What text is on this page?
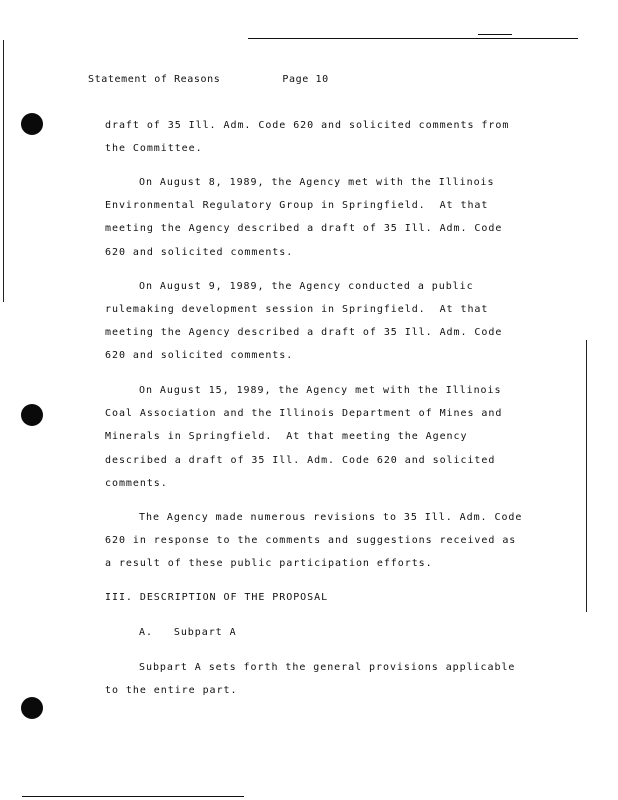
Statement of Reasons	Page 10
draft of 35 Ill. Adm. Code 620 and solicited comments from
the Committee.
On August 8, 1989, the Agency met with the Illinois
Environmental Regulatory Group in Springfield.  At that
meeting the Agency described a draft of 35 Ill. Adm. Code
620 and solicited comments.
On August 9, 1989, the Agency conducted a public
rulemaking development session in Springfield.  At that
meeting the Agency described a draft of 35 Ill. Adm. Code
620 and solicited comments.
On August 15, 1989, the Agency met with the Illinois
Coal Association and the Illinois Department of Mines and
Minerals in Springfield.  At that meeting the Agency
described a draft of 35 Ill. Adm. Code 620 and solicited
comments.
The Agency made numerous revisions to 35 Ill. Adm. Code
620 in response to the comments and suggestions received as
a result of these public participation efforts.
III. DESCRIPTION OF THE PROPOSAL
A.   Subpart A
Subpart A sets forth the general provisions applicable
to the entire part.
